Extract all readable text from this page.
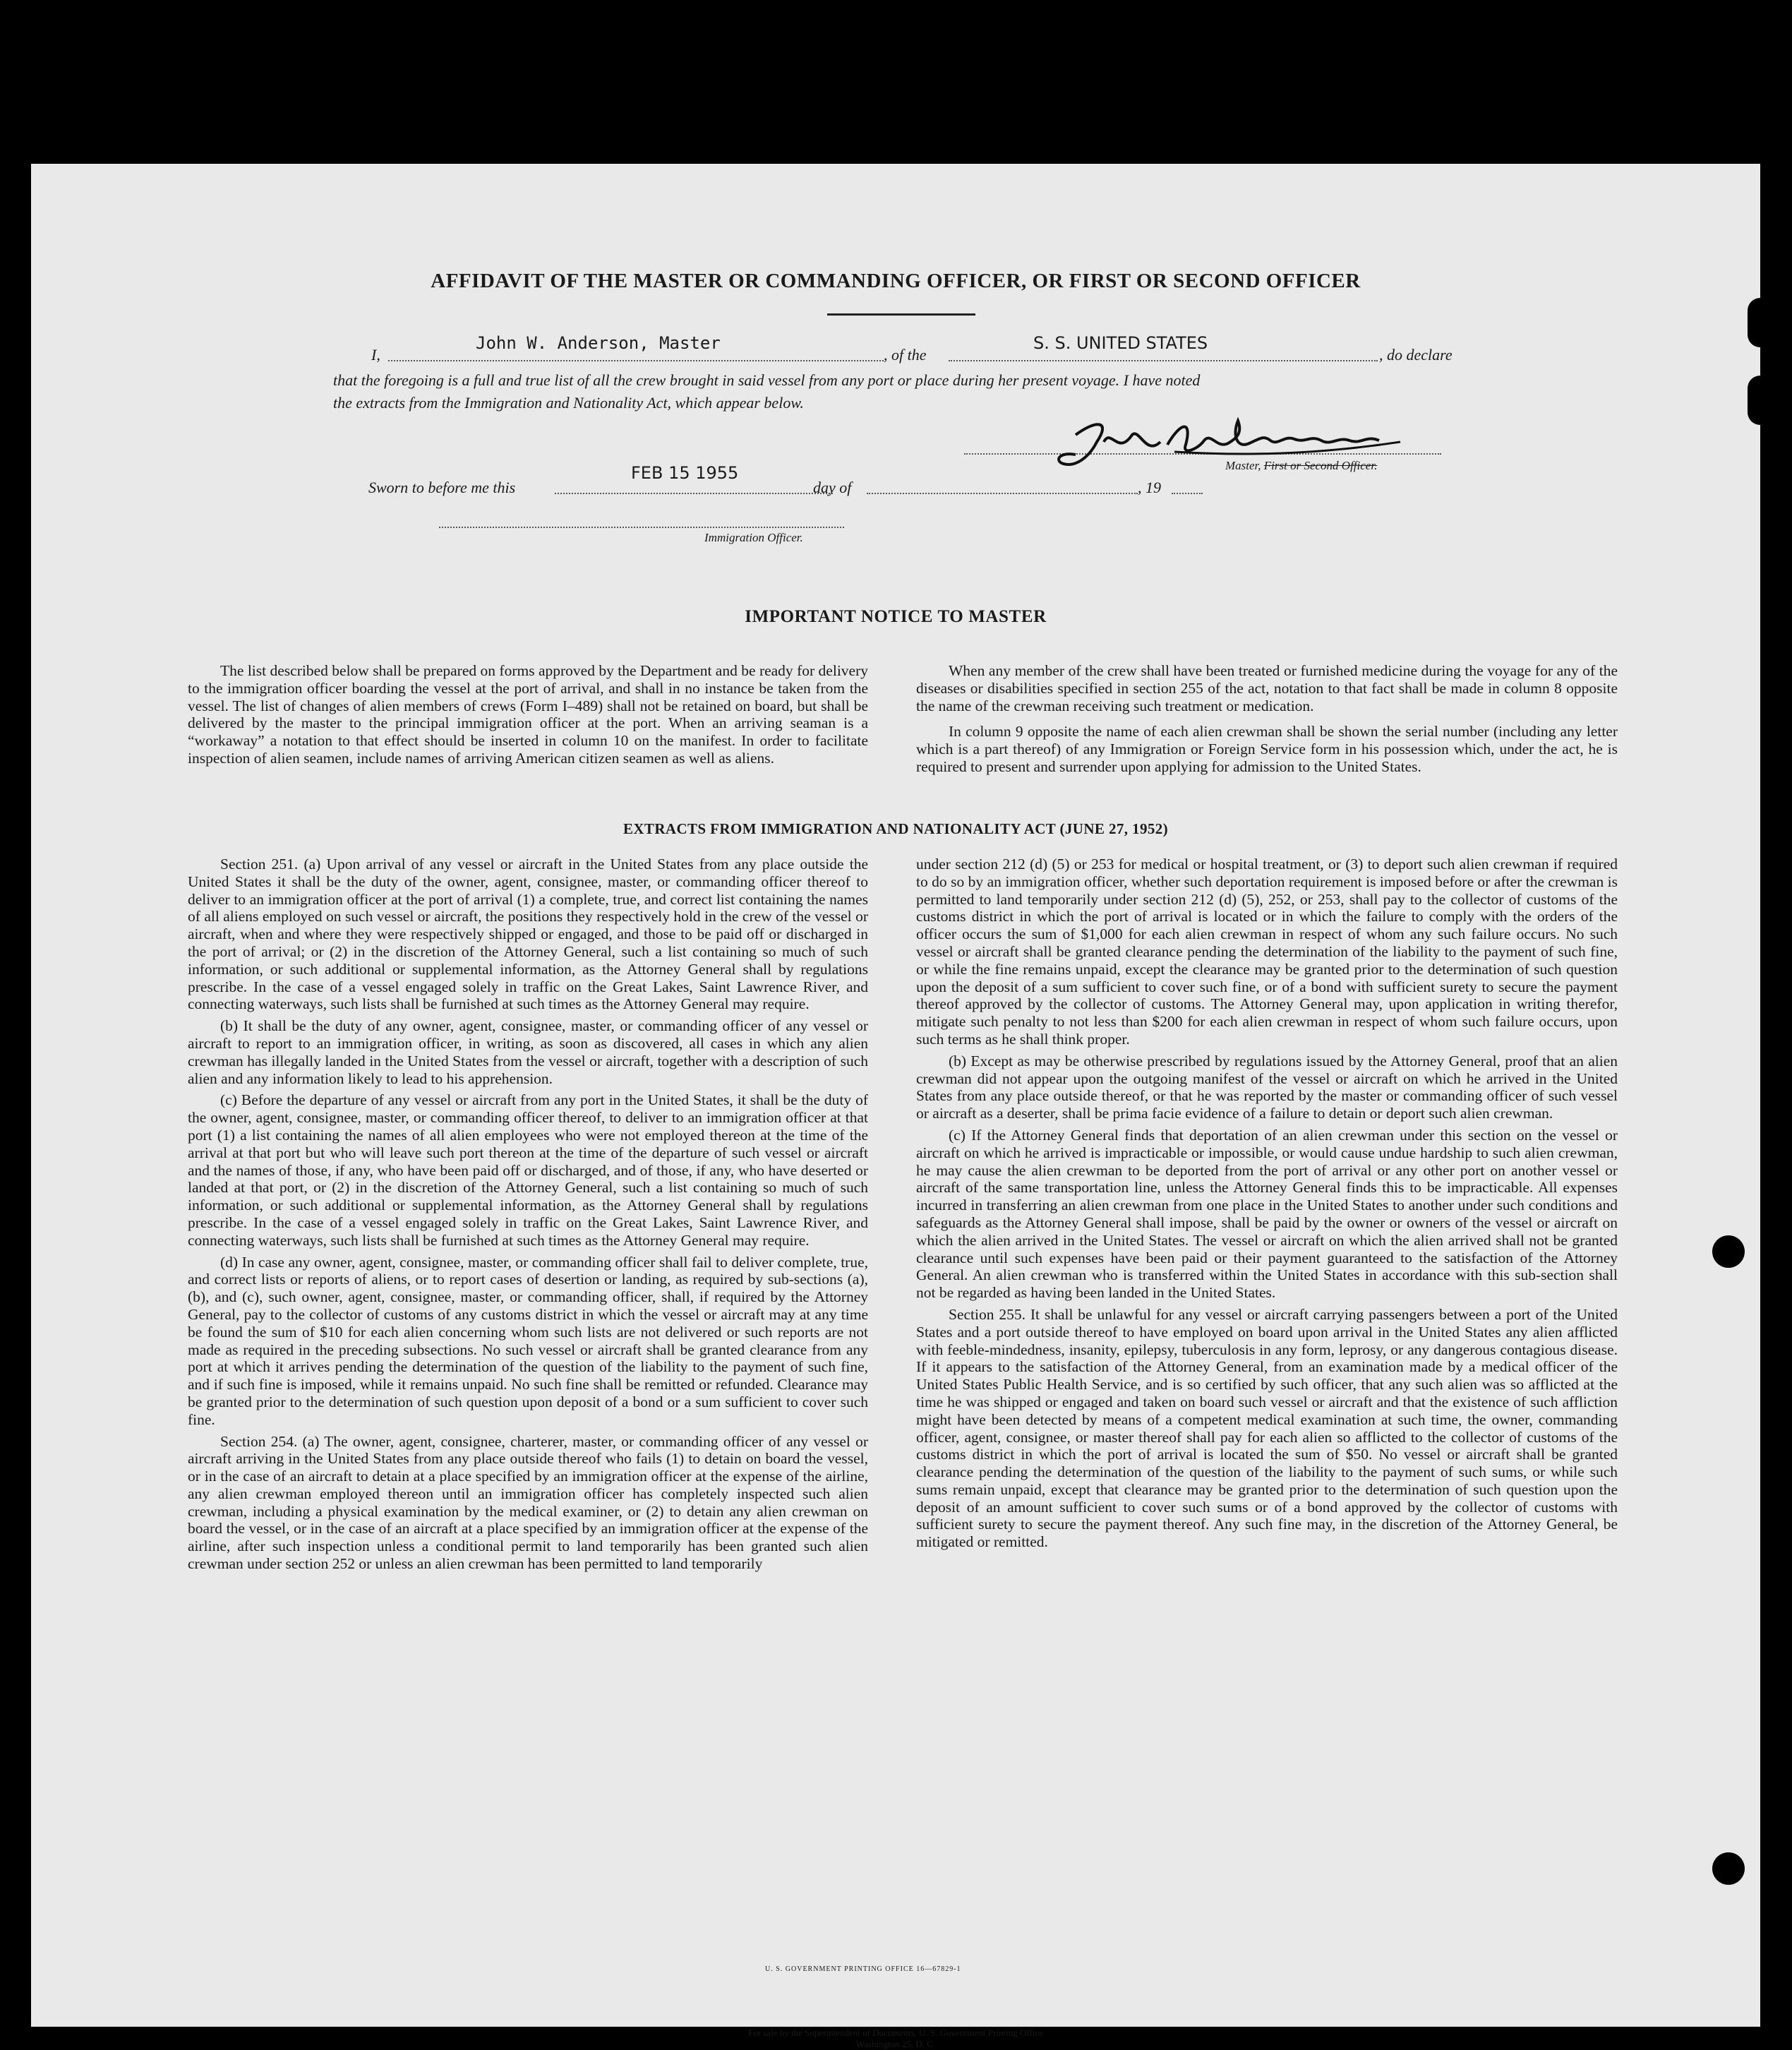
AFFIDAVIT OF THE MASTER OR COMMANDING OFFICER, OR FIRST OR SECOND OFFICER
I,
John W. Anderson, Master
, of the
S. S. UNITED STATES
, do declare
that the foregoing is a full and true list of all the crew brought in said vessel from any port or place during her present voyage. I have noted
the extracts from the Immigration and Nationality Act, which appear below.
Master, First or Second Officer.
Sworn to before me this
FEB 15 1955
day of	, 19
Immigration Officer.
IMPORTANT NOTICE TO MASTER

The list described below shall be prepared on forms approved by the Department and be ready for delivery to the immigration officer boarding the vessel at the port of arrival, and shall in no instance be taken from the vessel. The list of changes of alien members of crews (Form I–489) shall not be retained on board, but shall be delivered by the master to the principal immigration officer at the port. When an arriving seaman is a “workaway” a notation to that effect should be inserted in column 10 on the manifest. In order to facilitate inspection of alien seamen, include names of arriving American citizen seamen as well as aliens.

When any member of the crew shall have been treated or furnished medicine during the voyage for any of the diseases or disabilities specified in section 255 of the act, notation to that fact shall be made in column 8 opposite the name of the crewman receiving such treatment or medication.

In column 9 opposite the name of each alien crewman shall be shown the serial number (including any letter which is a part thereof) of any Immigration or Foreign Service form in his possession which, under the act, he is required to present and surrender upon applying for admission to the United States.

EXTRACTS FROM IMMIGRATION AND NATIONALITY ACT (JUNE 27, 1952)

Section 251. (a) Upon arrival of any vessel or aircraft in the United States from any place outside the United States it shall be the duty of the owner, agent, consignee, master, or commanding officer thereof to deliver to an immigration officer at the port of arrival (1) a complete, true, and correct list containing the names of all aliens employed on such vessel or aircraft, the positions they respectively hold in the crew of the vessel or aircraft, when and where they were respectively shipped or engaged, and those to be paid off or discharged in the port of arrival; or (2) in the discretion of the Attorney General, such a list containing so much of such information, or such additional or supplemental information, as the Attorney General shall by regulations prescribe. In the case of a vessel engaged solely in traffic on the Great Lakes, Saint Lawrence River, and connecting waterways, such lists shall be furnished at such times as the Attorney General may require.

(b) It shall be the duty of any owner, agent, consignee, master, or commanding officer of any vessel or aircraft to report to an immigration officer, in writing, as soon as discovered, all cases in which any alien crewman has illegally landed in the United States from the vessel or aircraft, together with a description of such alien and any information likely to lead to his apprehension.

(c) Before the departure of any vessel or aircraft from any port in the United States, it shall be the duty of the owner, agent, consignee, master, or commanding officer thereof, to deliver to an immigration officer at that port (1) a list containing the names of all alien employees who were not employed thereon at the time of the arrival at that port but who will leave such port thereon at the time of the departure of such vessel or aircraft and the names of those, if any, who have been paid off or discharged, and of those, if any, who have deserted or landed at that port, or (2) in the discretion of the Attorney General, such a list containing so much of such information, or such additional or supplemental information, as the Attorney General shall by regulations prescribe. In the case of a vessel engaged solely in traffic on the Great Lakes, Saint Lawrence River, and connecting waterways, such lists shall be furnished at such times as the Attorney General may require.

(d) In case any owner, agent, consignee, master, or commanding officer shall fail to deliver complete, true, and correct lists or reports of aliens, or to report cases of desertion or landing, as required by sub-sections (a), (b), and (c), such owner, agent, consignee, master, or commanding officer, shall, if required by the Attorney General, pay to the collector of customs of any customs district in which the vessel or aircraft may at any time be found the sum of $10 for each alien concerning whom such lists are not delivered or such reports are not made as required in the preceding subsections. No such vessel or aircraft shall be granted clearance from any port at which it arrives pending the determination of the question of the liability to the payment of such fine, and if such fine is imposed, while it remains unpaid. No such fine shall be remitted or refunded. Clearance may be granted prior to the determination of such question upon deposit of a bond or a sum sufficient to cover such fine.

Section 254. (a) The owner, agent, consignee, charterer, master, or commanding officer of any vessel or aircraft arriving in the United States from any place outside thereof who fails (1) to detain on board the vessel, or in the case of an aircraft to detain at a place specified by an immigration officer at the expense of the airline, any alien crewman employed thereon until an immigration officer has completely inspected such alien crewman, including a physical examination by the medical examiner, or (2) to detain any alien crewman on board the vessel, or in the case of an aircraft at a place specified by an immigration officer at the expense of the airline, after such inspection unless a conditional permit to land temporarily has been granted such alien crewman under section 252 or unless an alien crewman has been permitted to land temporarily

under section 212 (d) (5) or 253 for medical or hospital treatment, or (3) to deport such alien crewman if required to do so by an immigration officer, whether such deportation requirement is imposed before or after the crewman is permitted to land temporarily under section 212 (d) (5), 252, or 253, shall pay to the collector of customs of the customs district in which the port of arrival is located or in which the failure to comply with the orders of the officer occurs the sum of $1,000 for each alien crewman in respect of whom any such failure occurs. No such vessel or aircraft shall be granted clearance pending the determination of the liability to the payment of such fine, or while the fine remains unpaid, except the clearance may be granted prior to the determination of such question upon the deposit of a sum sufficient to cover such fine, or of a bond with sufficient surety to secure the payment thereof approved by the collector of customs. The Attorney General may, upon application in writing therefor, mitigate such penalty to not less than $200 for each alien crewman in respect of whom such failure occurs, upon such terms as he shall think proper.

(b) Except as may be otherwise prescribed by regulations issued by the Attorney General, proof that an alien crewman did not appear upon the outgoing manifest of the vessel or aircraft on which he arrived in the United States from any place outside thereof, or that he was reported by the master or commanding officer of such vessel or aircraft as a deserter, shall be prima facie evidence of a failure to detain or deport such alien crewman.

(c) If the Attorney General finds that deportation of an alien crewman under this section on the vessel or aircraft on which he arrived is impracticable or impossible, or would cause undue hardship to such alien crewman, he may cause the alien crewman to be deported from the port of arrival or any other port on another vessel or aircraft of the same transportation line, unless the Attorney General finds this to be impracticable. All expenses incurred in transferring an alien crewman from one place in the United States to another under such conditions and safeguards as the Attorney General shall impose, shall be paid by the owner or owners of the vessel or aircraft on which the alien arrived in the United States. The vessel or aircraft on which the alien arrived shall not be granted clearance until such expenses have been paid or their payment guaranteed to the satisfaction of the Attorney General. An alien crewman who is transferred within the United States in accordance with this sub-section shall not be regarded as having been landed in the United States.

Section 255. It shall be unlawful for any vessel or aircraft carrying passengers between a port of the United States and a port outside thereof to have employed on board upon arrival in the United States any alien afflicted with feeble-mindedness, insanity, epilepsy, tuberculosis in any form, leprosy, or any dangerous contagious disease. If it appears to the satisfaction of the Attorney General, from an examination made by a medical officer of the United States Public Health Service, and is so certified by such officer, that any such alien was so afflicted at the time he was shipped or engaged and taken on board such vessel or aircraft and that the existence of such affliction might have been detected by means of a competent medical examination at such time, the owner, commanding officer, agent, consignee, or master thereof shall pay for each alien so afflicted to the collector of customs of the customs district in which the port of arrival is located the sum of $50. No vessel or aircraft shall be granted clearance pending the determination of the question of the liability to the payment of such sums, or while such sums remain unpaid, except that clearance may be granted prior to the determination of such question upon the deposit of an amount sufficient to cover such sums or of a bond approved by the collector of customs with sufficient surety to secure the payment thereof. Any such fine may, in the discretion of the Attorney General, be mitigated or remitted.

U. S. GOVERNMENT PRINTING OFFICE 16—67829-1
For sale by the Superintendent of Documents, U. S. Government Printing Office
Washington 25, D. C.
